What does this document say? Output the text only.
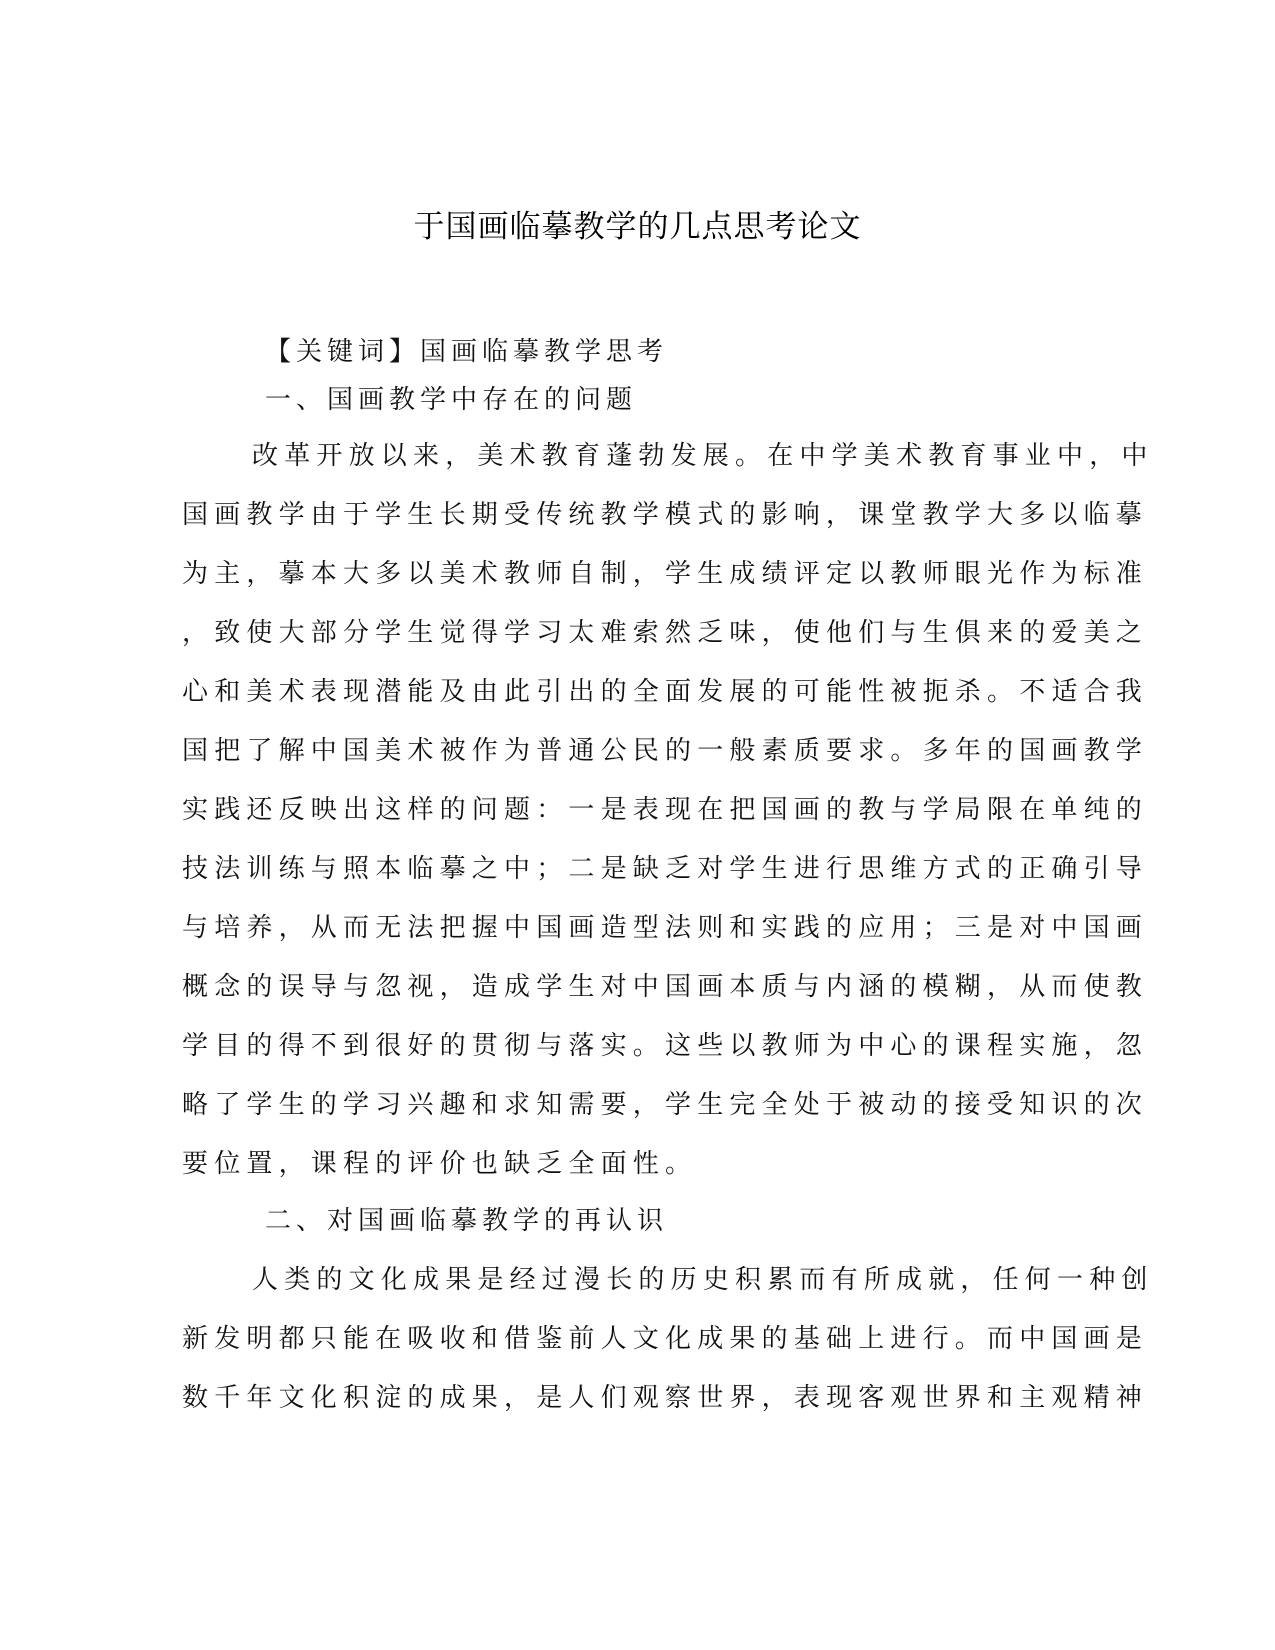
于国画临摹教学的几点思考论文
【关键词】国画临摹教学思考
一、国画教学中存在的问题
改革开放以来，美术教育蓬勃发展。在中学美术教育事业中，中
国画教学由于学生长期受传统教学模式的影响，课堂教学大多以临摹
为主，摹本大多以美术教师自制，学生成绩评定以教师眼光作为标准
，致使大部分学生觉得学习太难索然乏味，使他们与生俱来的爱美之
心和美术表现潜能及由此引出的全面发展的可能性被扼杀。不适合我
国把了解中国美术被作为普通公民的一般素质要求。多年的国画教学
实践还反映出这样的问题：一是表现在把国画的教与学局限在单纯的
技法训练与照本临摹之中；二是缺乏对学生进行思维方式的正确引导
与培养，从而无法把握中国画造型法则和实践的应用；三是对中国画
概念的误导与忽视，造成学生对中国画本质与内涵的模糊，从而使教
学目的得不到很好的贯彻与落实。这些以教师为中心的课程实施，忽
略了学生的学习兴趣和求知需要，学生完全处于被动的接受知识的次
要位置，课程的评价也缺乏全面性。
二、对国画临摹教学的再认识
人类的文化成果是经过漫长的历史积累而有所成就，任何一种创
新发明都只能在吸收和借鉴前人文化成果的基础上进行。而中国画是
数千年文化积淀的成果，是人们观察世界，表现客观世界和主观精神
